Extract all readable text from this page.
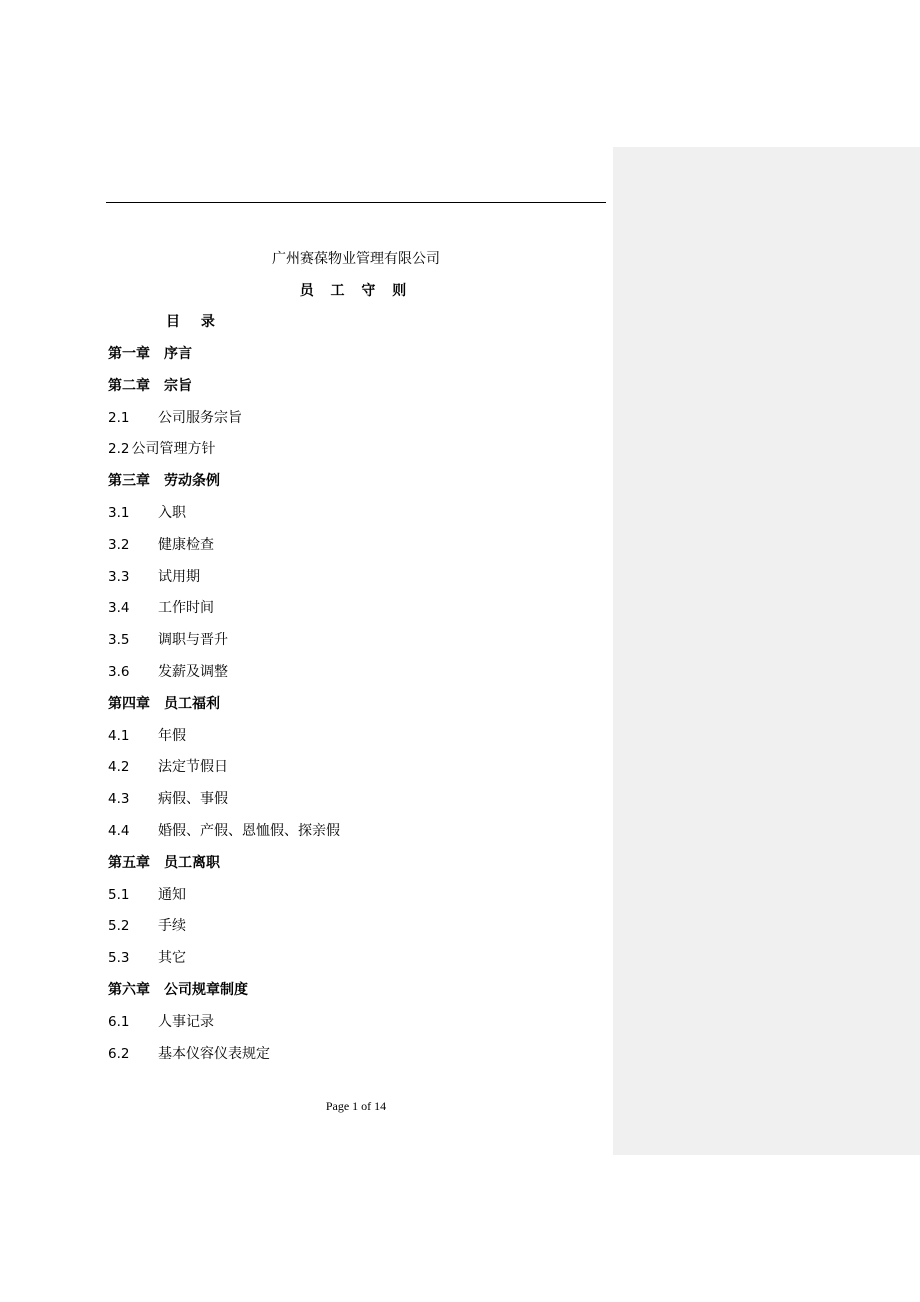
广州赛葆物业管理有限公司
员 工 守 则
目 录
第一章 序言
第二章 宗旨
2.1 公司服务宗旨
2.2 公司管理方针
第三章 劳动条例
3.1 入职
3.2 健康检查
3.3 试用期
3.4 工作时间
3.5 调职与晋升
3.6 发薪及调整
第四章 员工福利
4.1 年假
4.2 法定节假日
4.3 病假、事假
4.4 婚假、产假、恩恤假、探亲假
第五章 员工离职
5.1 通知
5.2 手续
5.3 其它
第六章 公司规章制度
6.1 人事记录
6.2 基本仪容仪表规定
Page 1 of 14
